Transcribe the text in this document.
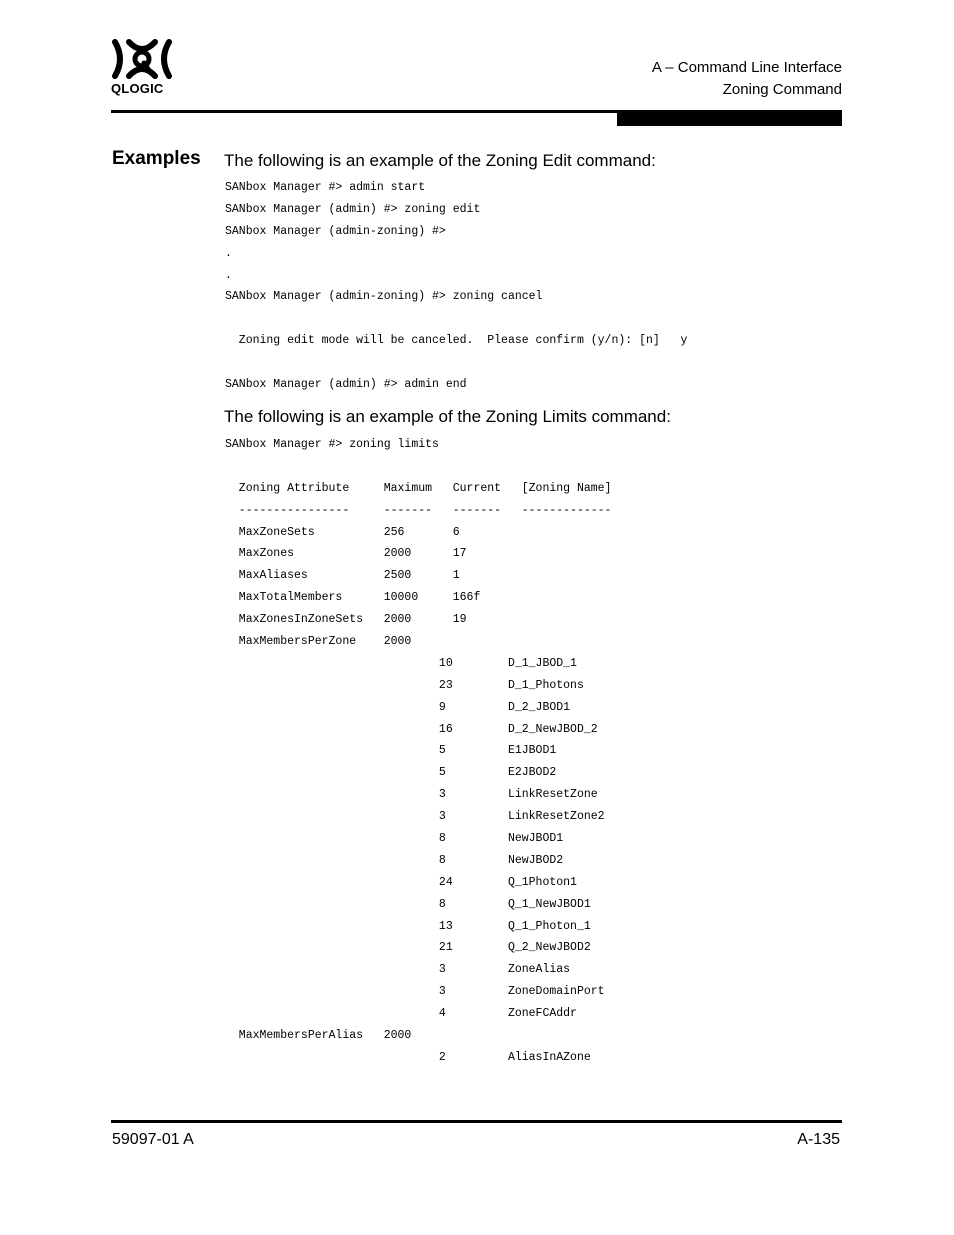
QLOGIC
A – Command Line Interface
Zoning Command
Examples The following is an example of the Zoning Edit command:
SANbox Manager #> admin start
SANbox Manager (admin) #> zoning edit
SANbox Manager (admin-zoning) #>
.
.
SANbox Manager (admin-zoning) #> zoning cancel
Zoning edit mode will be canceled.  Please confirm (y/n): [n]   y
SANbox Manager (admin) #> admin end
The following is an example of the Zoning Limits command:
SANbox Manager #> zoning limits
Zoning Attribute     Maximum   Current   [Zoning Name]
----------------     -------   -------   -------------
MaxZoneSets          256       6
MaxZones             2000      17
MaxAliases           2500      1
MaxTotalMembers      10000     166f
MaxZonesInZoneSets   2000      19
MaxMembersPerZone    2000
10        D_1_JBOD_1
23        D_1_Photons
9         D_2_JBOD1
16        D_2_NewJBOD_2
5         E1JBOD1
5         E2JBOD2
3         LinkResetZone
3         LinkResetZone2
8         NewJBOD1
8         NewJBOD2
24        Q_1Photon1
8         Q_1_NewJBOD1
13        Q_1_Photon_1
21        Q_2_NewJBOD2
3         ZoneAlias
3         ZoneDomainPort
4         ZoneFCAddr
MaxMembersPerAlias   2000
2         AliasInAZone
59097-01 A	A-135
